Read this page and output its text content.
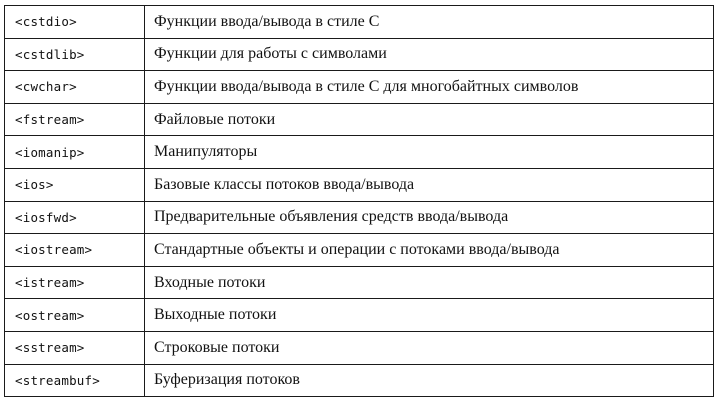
<cstdio>	Функции ввода/вывода в стиле C
<cstdlib>	Функции для работы с символами
<cwchar>	Функции ввода/вывода в стиле C для многобайтных символов
<fstream>	Файловые потоки
<iomanip>	Манипуляторы
<ios>	Базовые классы потоков ввода/вывода
<iosfwd>	Предварительные объявления средств ввода/вывода
<iostream>	Стандартные объекты и операции с потоками ввода/вывода
<istream>	Входные потоки
<ostream>	Выходные потоки
<sstream>	Строковые потоки
<streambuf>	Буферизация потоков
